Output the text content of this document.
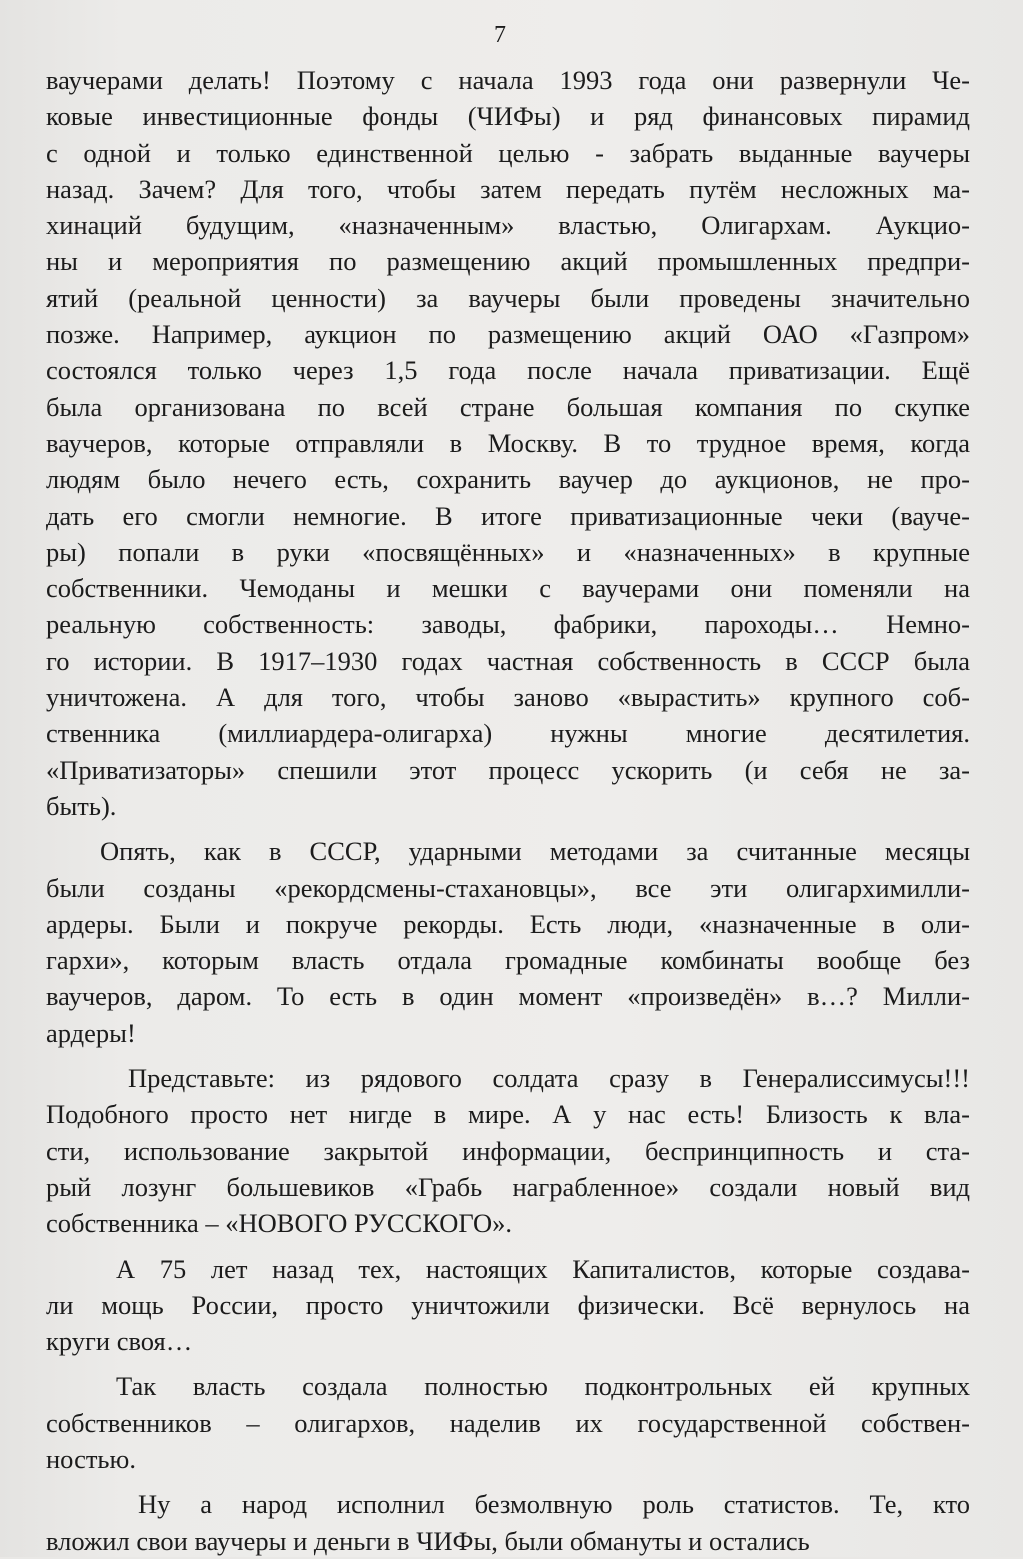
7
ваучерами делать! Поэтому с начала 1993 года они развернули Че-
ковые инвестиционные фонды (ЧИФы) и ряд финансовых пирамид
с одной и только единственной целью - забрать выданные ваучеры
назад. Зачем? Для того, чтобы затем передать путём несложных ма-
хинаций будущим, «назначенным» властью, Олигархам. Аукцио-
ны и мероприятия по размещению акций промышленных предпри-
ятий (реальной ценности) за ваучеры были проведены значительно
позже. Например, аукцион по размещению акций ОАО «Газпром»
состоялся только через 1,5 года после начала приватизации. Ещё
была организована по всей стране большая компания по скупке
ваучеров, которые отправляли в Москву. В то трудное время, когда
людям было нечего есть, сохранить ваучер до аукционов, не про-
дать его смогли немногие. В итоге приватизационные чеки (вауче-
ры) попали в руки «посвящённых» и «назначенных» в крупные
собственники. Чемоданы и мешки с ваучерами они поменяли на
реальную собственность: заводы, фабрики, пароходы… Немно-
го истории. В 1917–1930 годах частная собственность в СССР была
уничтожена. А для того, чтобы заново «вырастить» крупного соб-
ственника (миллиардера-олигарха) нужны многие десятилетия.
«Приватизаторы» спешили этот процесс ускорить (и себя не за-
быть).
Опять, как в СССР, ударными методами за считанные месяцы
были созданы «рекордсмены-стахановцы», все эти олигархимилли-
ардеры. Были и покруче рекорды. Есть люди, «назначенные в оли-
гархи», которым власть отдала громадные комбинаты вообще без
ваучеров, даром. То есть в один момент «произведён» в…? Милли-
ардеры!
Представьте: из рядового солдата сразу в Генералиссимусы!!!
Подобного просто нет нигде в мире. А у нас есть! Близость к вла-
сти, использование закрытой информации, беспринципность и ста-
рый лозунг большевиков «Грабь награбленное» создали новый вид
собственника – «НОВОГО РУССКОГО».
А 75 лет назад тех, настоящих Капиталистов, которые создава-
ли мощь России, просто уничтожили физически. Всё вернулось на
круги своя…
Так власть создала полностью подконтрольных ей крупных
собственников – олигархов, наделив их государственной собствен-
ностью.
Ну а народ исполнил безмолвную роль статистов. Те, кто
вложил свои ваучеры и деньги в ЧИФы, были обмануты и остались
